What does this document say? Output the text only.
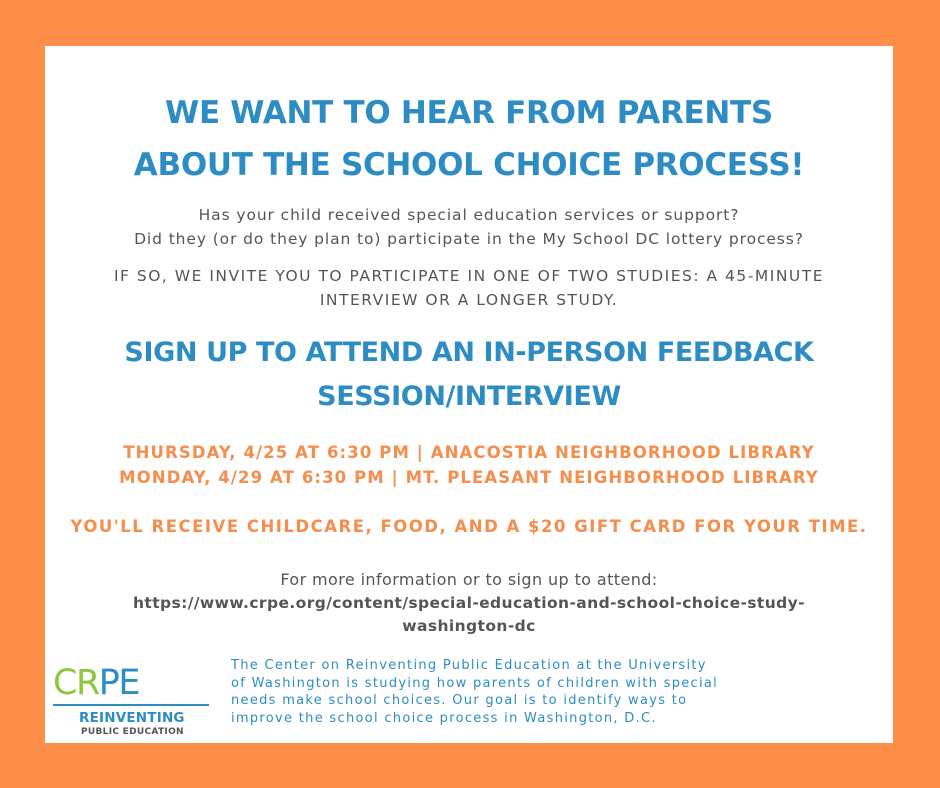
WE WANT TO HEAR FROM PARENTS
ABOUT THE SCHOOL CHOICE PROCESS!
Has your child received special education services or support?
Did they (or do they plan to) participate in the My School DC lottery process?
IF SO, WE INVITE YOU TO PARTICIPATE IN ONE OF TWO STUDIES: A 45-MINUTE
INTERVIEW OR A LONGER STUDY.
SIGN UP TO ATTEND AN IN-PERSON FEEDBACK
SESSION/INTERVIEW
THURSDAY, 4/25 AT 6:30 PM | ANACOSTIA NEIGHBORHOOD LIBRARY
MONDAY, 4/29 AT 6:30 PM | MT. PLEASANT NEIGHBORHOOD LIBRARY
YOU'LL RECEIVE CHILDCARE, FOOD, AND A $20 GIFT CARD FOR YOUR TIME.
For more information or to sign up to attend:
https://www.crpe.org/content/special-education-and-school-choice-study-
washington-dc
CRPE
REINVENTING
PUBLIC EDUCATION
The Center on Reinventing Public Education at the University
of Washington is studying how parents of children with special
needs make school choices. Our goal is to identify ways to
improve the school choice process in Washington, D.C.
